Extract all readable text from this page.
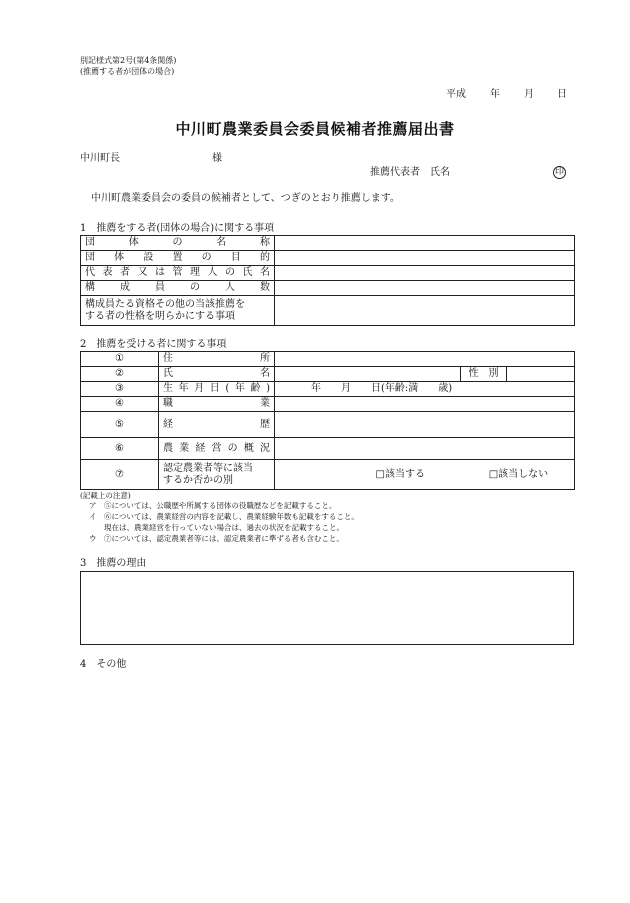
別記様式第2号(第4条関係)
(推薦する者が団体の場合)
平成 年 月 日
中川町農業委員会委員候補者推薦届出書
中川町長	様
推薦代表者　氏名	印
中川町農業委員会の委員の候補者として、つぎのとおり推薦します。
1　推薦をする者(団体の場合)に関する事項
団　体　の　名　称	
団体設置の目的	
代表者又は管理人の氏名	
構成員の人数	

構成員たる資格その他の当該推薦を
する者の性格を明らかにする事項	

2　推薦を受ける者に関する事項
①	住所			
②	氏名		性　別	
③	生年月日(年齢)	年　　月　　日(年齢:満　　歳)		
④	職業			
⑤	経歴			
⑥	農業経営の概況			
⑦	認定農業者等に該当
するか否かの別	□該当する □該当しない		
(記載上の注意)
ア　⑤については、公職歴や所属する団体の役職歴などを記載すること。
イ　⑥については、農業経営の内容を記載し、農業経験年数も記載をすること。
　　現在は、農業経営を行っていない場合は、過去の状況を記載すること。
ウ　⑦については、認定農業者等には、認定農業者に準ずる者も含むこと。
3　推薦の理由
4　その他
